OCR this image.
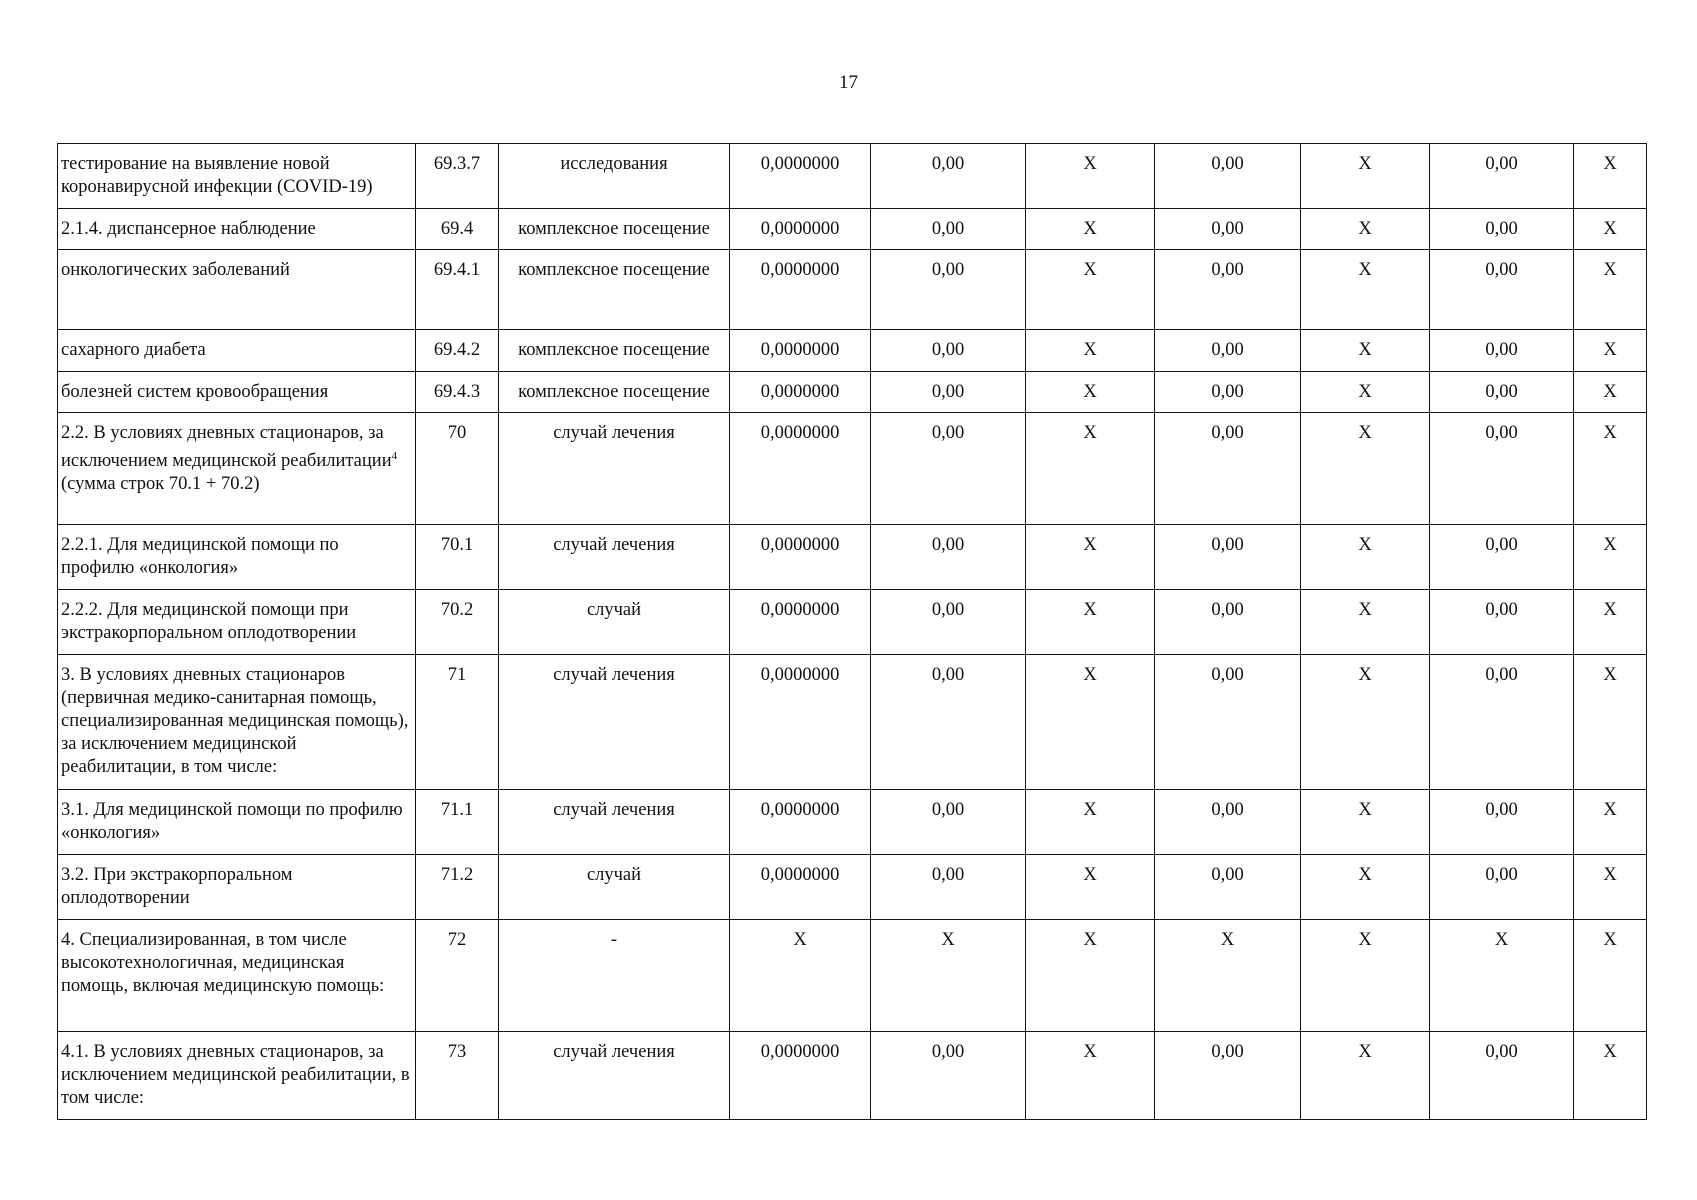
17
тестирование на выявление новой коронавирусной инфекции (COVID-19)	69.3.7	исследования	0,0000000	0,00	X	0,00	X	0,00	X
2.1.4. диспансерное наблюдение	69.4	комплексное посещение	0,0000000	0,00	X	0,00	X	0,00	X
онкологических заболеваний	69.4.1	комплексное посещение	0,0000000	0,00	X	0,00	X	0,00	X
сахарного диабета	69.4.2	комплексное посещение	0,0000000	0,00	X	0,00	X	0,00	X
болезней систем кровообращения	69.4.3	комплексное посещение	0,0000000	0,00	X	0,00	X	0,00	X
2.2. В условиях дневных стационаров, за исключением медицинской реабилитации$^4$ (сумма строк 70.1 + 70.2)	70	случай лечения	0,0000000	0,00	X	0,00	X	0,00	X
2.2.1. Для медицинской помощи по профилю «онкология»	70.1	случай лечения	0,0000000	0,00	X	0,00	X	0,00	X
2.2.2. Для медицинской помощи при экстракорпоральном оплодотворении	70.2	случай	0,0000000	0,00	X	0,00	X	0,00	X
3. В условиях дневных стационаров (первичная медико-санитарная помощь, специализированная медицинская помощь), за исключением медицинской реабилитации, в том числе:	71	случай лечения	0,0000000	0,00	X	0,00	X	0,00	X
3.1. Для медицинской помощи по профилю «онкология»	71.1	случай лечения	0,0000000	0,00	X	0,00	X	0,00	X
3.2. При экстракорпоральном оплодотворении	71.2	случай	0,0000000	0,00	X	0,00	X	0,00	X
4. Специализированная, в том числе высокотехнологичная, медицинская помощь, включая медицинскую помощь:	72	-	X	X	X	X	X	X	X
4.1. В условиях дневных стационаров, за исключением медицинской реабилитации, в том числе:	73	случай лечения	0,0000000	0,00	X	0,00	X	0,00	X
